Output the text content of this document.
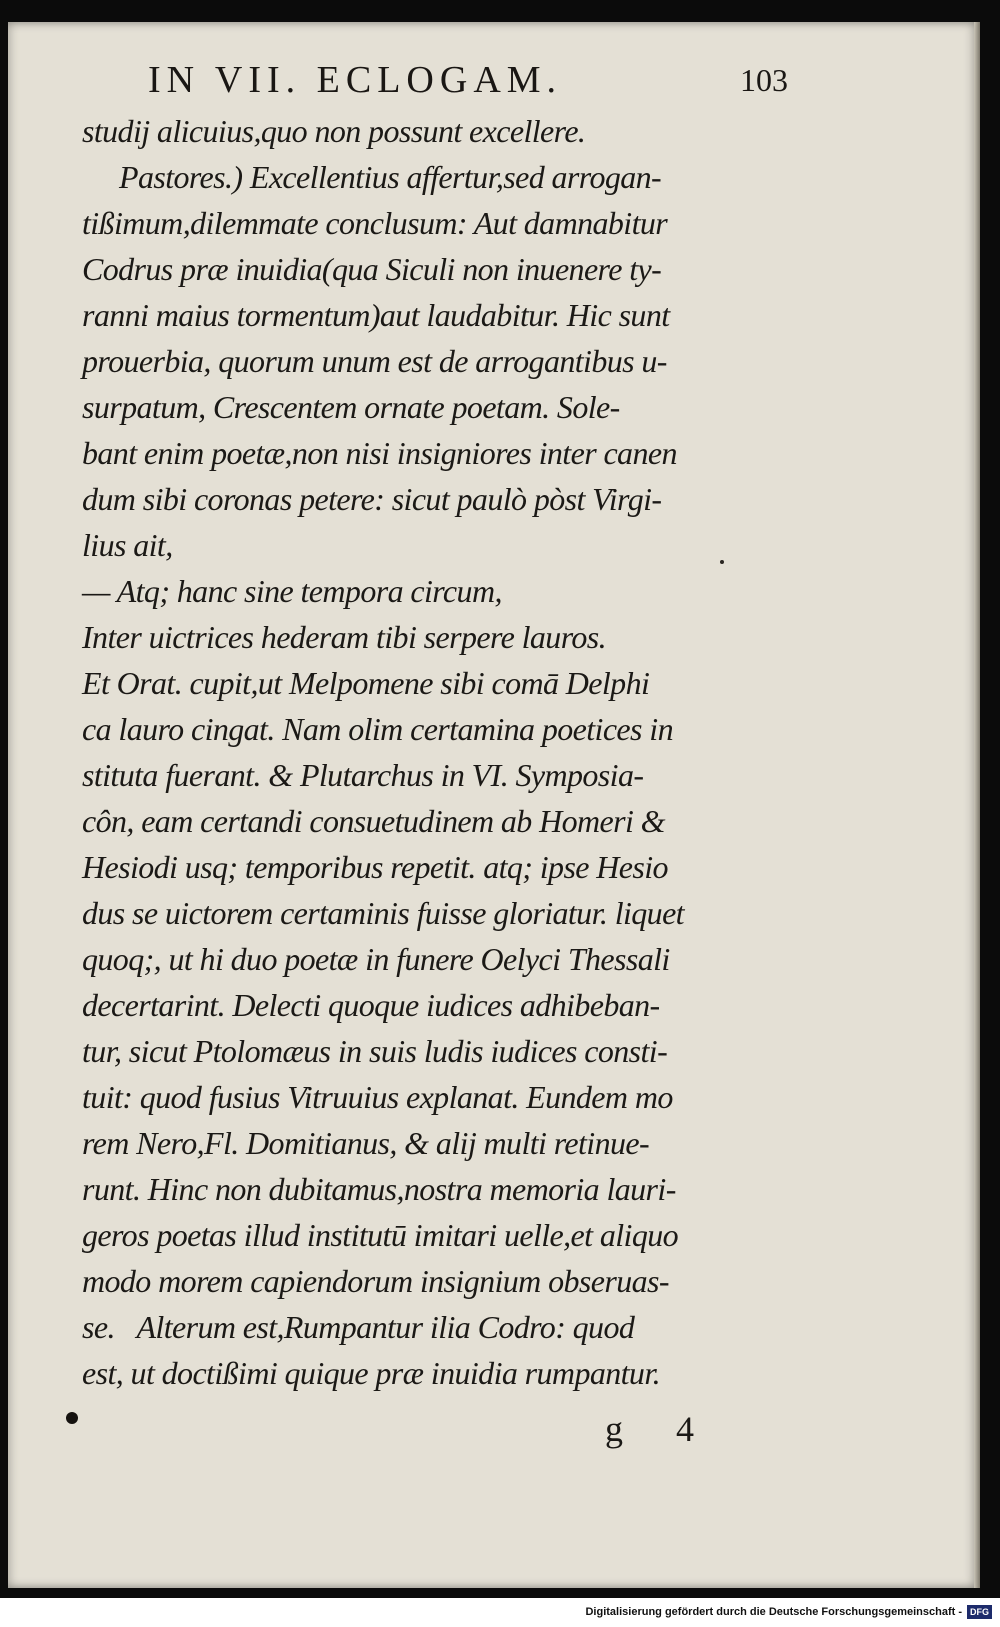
IN VII. ECLOGAM.	103
studij alicuius,quo non possunt excellere.
Pastores.) Excellentius affertur,sed arrogan-
tißimum,dilemmate conclusum: Aut damnabitur
Codrus præ inuidia(qua Siculi non inuenere ty-
ranni maius tormentum)aut laudabitur. Hic sunt
prouerbia, quorum unum est de arrogantibus u-
surpatum, Crescentem ornate poetam. Sole-
bant enim poetæ,non nisi insigniores inter canen
dum sibi coronas petere: sicut paulò pòst Virgi-
lius ait,
— Atq; hanc sine tempora circum,
Inter uictrices hederam tibi serpere lauros.
Et Orat. cupit,ut Melpomene sibi comā Delphi
ca lauro cingat. Nam olim certamina poetices in
stituta fuerant. & Plutarchus in VI. Symposia-
côn, eam certandi consuetudinem ab Homeri &
Hesiodi usq; temporibus repetit. atq; ipse Hesio
dus se uictorem certaminis fuisse gloriatur. liquet
quoq;, ut hi duo poetæ in funere Oelyci Thessali
decertarint. Delecti quoque iudices adhibeban-
tur, sicut Ptolomæus in suis ludis iudices consti-
tuit: quod fusius Vitruuius explanat. Eundem mo
rem Nero,Fl. Domitianus, & alij multi retinue-
runt. Hinc non dubitamus,nostra memoria lauri-
geros poetas illud institutū imitari uelle,et aliquo
modo morem capiendorum insignium obseruas-
se.   Alterum est,Rumpantur ilia Codro: quod
est, ut doctißimi quique præ inuidia rumpantur.
g 4
Digitalisierung gefördert durch die Deutsche Forschungsgemeinschaft - DFG
